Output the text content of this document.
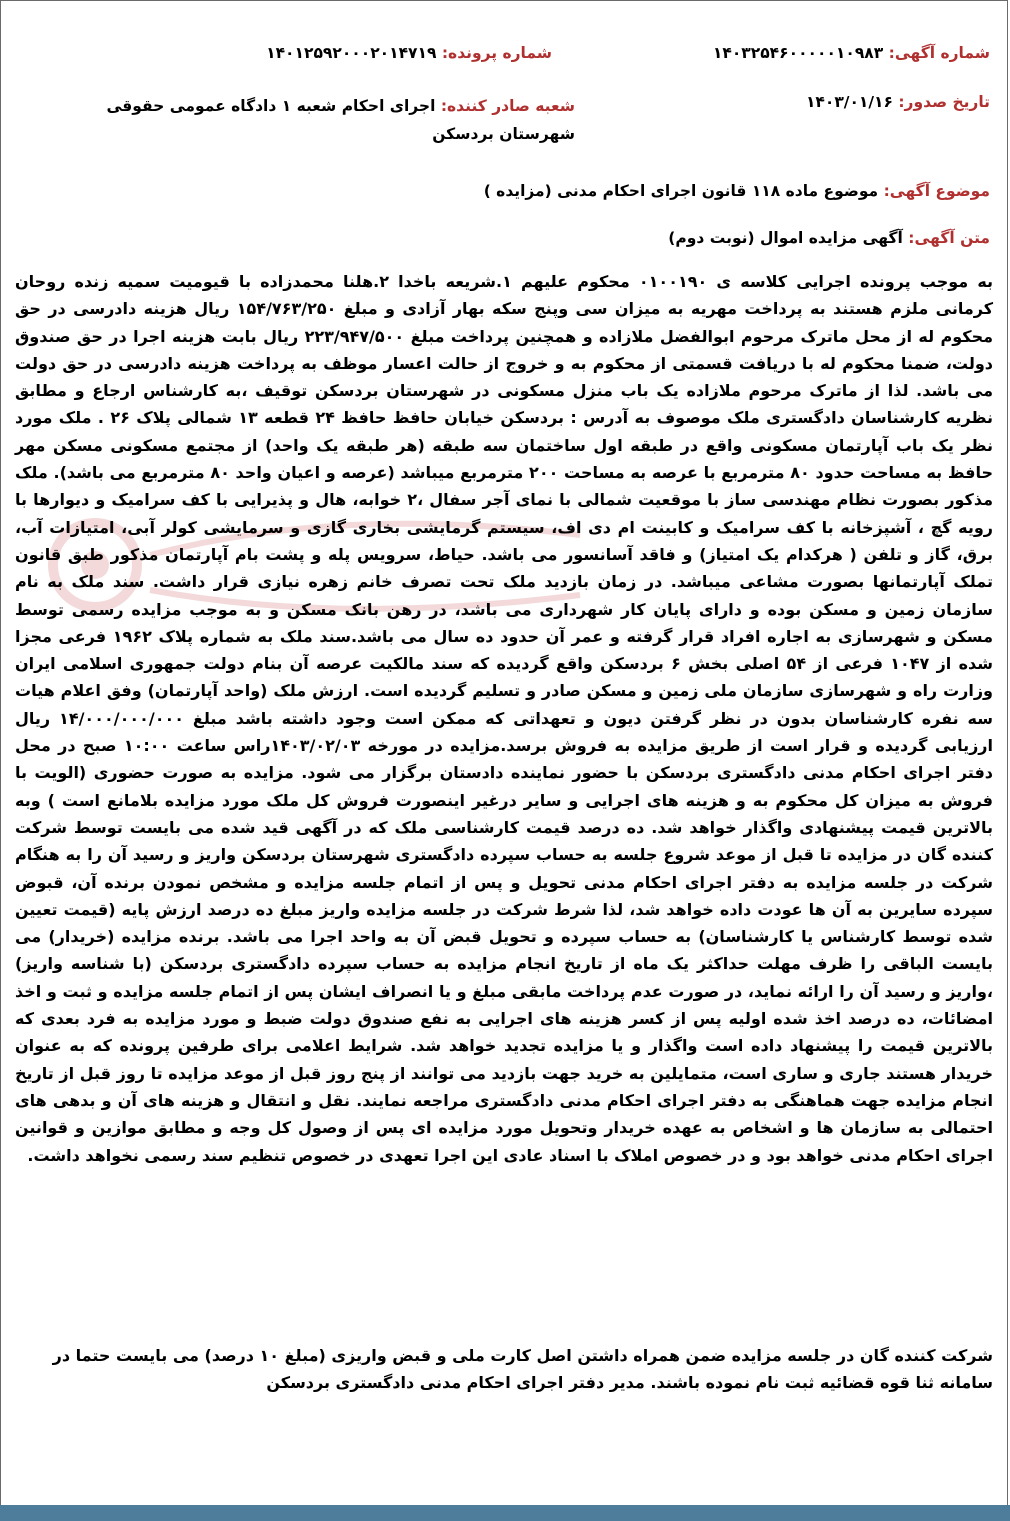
شماره آگهی: ۱۴۰۳۲۵۴۶۰۰۰۰۰۱۰۹۸۳
شماره پرونده: ۱۴۰۱۲۵۹۲۰۰۰۲۰۱۴۷۱۹
تاریخ صدور: ۱۴۰۳/۰۱/۱۶
شعبه صادر کننده: اجرای احکام شعبه ۱ دادگاه عمومی حقوقی شهرستان بردسکن
موضوع آگهی: موضوع ماده ۱۱۸ قانون اجرای احکام مدنی (مزایده )
متن آگهی: آگهی مزایده اموال (نوبت دوم)

به موجب پرونده اجرایی کلاسه ی ۰۱۰۰۱۹۰ محکوم علیهم ۱.شریعه باخدا ۲.هلنا محمدزاده با قیومیت سمیه زنده روحان کرمانی ملزم هستند به پرداخت مهریه به میزان سی وپنج سکه بهار آزادی و مبلغ ۱۵۴/۷۶۳/۲۵۰ ریال هزینه دادرسی در حق محکوم له از محل ماترک مرحوم ابوالفضل ملازاده و همچنین پرداخت مبلغ ۲۲۳/۹۴۷/۵۰۰ ریال بابت هزینه اجرا در حق صندوق دولت، ضمنا محکوم له با دریافت قسمتی از محکوم به و خروج از حالت اعسار موظف به پرداخت هزینه دادرسی در حق دولت می باشد. لذا از ماترک مرحوم ملازاده یک باب منزل مسکونی در شهرستان بردسکن توقیف ،به کارشناس ارجاع و مطابق نظریه کارشناسان دادگستری ملک موصوف به آدرس : بردسکن خیابان حافظ حافظ ۲۴ قطعه ۱۳ شمالی پلاک ۲۶ . ملک مورد نظر یک باب آپارتمان مسکونی واقع در طبقه اول ساختمان سه طبقه (هر طبقه یک واحد) از مجتمع مسکونی مسکن مهر حافظ به مساحت حدود ۸۰ مترمربع با عرصه به مساحت ۲۰۰ مترمربع میباشد (عرصه و اعیان واحد ۸۰ مترمربع می باشد). ملک مذکور بصورت نظام مهندسی ساز با موقعیت شمالی با نمای آجر سفال ،۲ خوابه، هال و پذیرایی با کف سرامیک و دیوارها با رویه گچ ، آشپزخانه با کف سرامیک و کابینت ام دی اف، سیستم گرمایشی بخاری گازی و سرمایشی کولر آبی، امتیازات آب، برق، گاز و تلفن ( هرکدام یک امتیاز) و فاقد آسانسور می باشد. حیاط، سرویس پله و پشت بام آپارتمان مذکور طبق قانون تملک آپارتمانها بصورت مشاعی میباشد. در زمان بازدید ملک تحت تصرف خانم زهره نیازی قرار داشت. سند ملک به نام سازمان زمین و مسکن بوده و دارای پایان کار شهرداری می باشد، در رهن بانک مسکن و به موجب مزایده رسمی توسط مسکن و شهرسازی به اجاره افراد قرار گرفته و عمر آن حدود ده سال می باشد.سند ملک به شماره پلاک ۱۹۶۲ فرعی مجزا شده از ۱۰۴۷ فرعی از ۵۴ اصلی بخش ۶ بردسکن واقع گردیده که سند مالکیت عرصه آن بنام دولت جمهوری اسلامی ایران وزارت راه و شهرسازی سازمان ملی زمین و مسکن صادر و تسلیم گردیده است. ارزش ملک (واحد آپارتمان) وفق اعلام هیات سه نفره کارشناسان بدون در نظر گرفتن دیون و تعهداتی که ممکن است وجود داشته باشد مبلغ ۱۴/۰۰۰/۰۰۰/۰۰۰ ریال ارزیابی گردیده و قرار است از طریق مزایده به فروش برسد.مزایده در مورخه ۱۴۰۳/۰۲/۰۳راس ساعت ۱۰:۰۰ صبح در محل دفتر اجرای احکام مدنی دادگستری بردسکن با حضور نماینده دادستان برگزار می شود. مزایده به صورت حضوری (الویت با فروش به میزان کل محکوم به و هزینه های اجرایی و سایر درغیر اینصورت فروش کل ملک مورد مزایده بلامانع است ) وبه بالاترین قیمت پیشنهادی واگذار خواهد شد. ده درصد قیمت کارشناسی ملک که در آگهی قید شده می بایست توسط شرکت کننده گان در مزایده تا قبل از موعد شروع جلسه به حساب سپرده دادگستری شهرستان بردسکن واریز و رسید آن را به هنگام شرکت در جلسه مزایده به دفتر اجرای احکام مدنی تحویل و پس از اتمام جلسه مزایده و مشخص نمودن برنده آن، قبوض سپرده سایرین به آن ها عودت داده خواهد شد، لذا شرط شرکت در جلسه مزایده واریز مبلغ ده درصد ارزش پایه (قیمت تعیین شده توسط کارشناس یا کارشناسان) به حساب سپرده و تحویل قبض آن به واحد اجرا می باشد. برنده مزایده (خریدار) می بایست الباقی را ظرف مهلت حداکثر یک ماه از تاریخ انجام مزایده به حساب سپرده دادگستری بردسکن (با شناسه واریز) ،واریز و رسید آن را ارائه نماید، در صورت عدم پرداخت مابقی مبلغ و یا انصراف ایشان پس از اتمام جلسه مزایده و ثبت و اخذ امضائات، ده درصد اخذ شده اولیه پس از کسر هزینه های اجرایی به نفع صندوق دولت ضبط و مورد مزایده به فرد بعدی که بالاترین قیمت را پیشنهاد داده است واگذار و یا مزایده تجدید خواهد شد. شرایط اعلامی برای طرفین پرونده که به عنوان خریدار هستند جاری و ساری است، متمایلین به خرید جهت بازدید می توانند از پنج روز قبل از موعد مزایده تا روز قبل از تاریخ انجام مزایده جهت هماهنگی به دفتر اجرای احکام مدنی دادگستری مراجعه نمایند. نقل و انتقال و هزینه های آن و بدهی های احتمالی به سازمان ها و اشخاص به عهده خریدار وتحویل مورد مزایده ای پس از وصول کل وجه و مطابق موازین و قوانین اجرای احکام مدنی خواهد بود و در خصوص املاک با اسناد عادی این اجرا تعهدی در خصوص تنظیم سند رسمی نخواهد داشت.

شرکت کننده گان در جلسه مزایده ضمن همراه داشتن اصل کارت ملی و قبض واریزی (مبلغ ۱۰ درصد) می بایست حتما در سامانه ثنا قوه قضائیه ثبت نام نموده باشند. مدیر دفتر اجرای احکام مدنی دادگستری بردسکن
